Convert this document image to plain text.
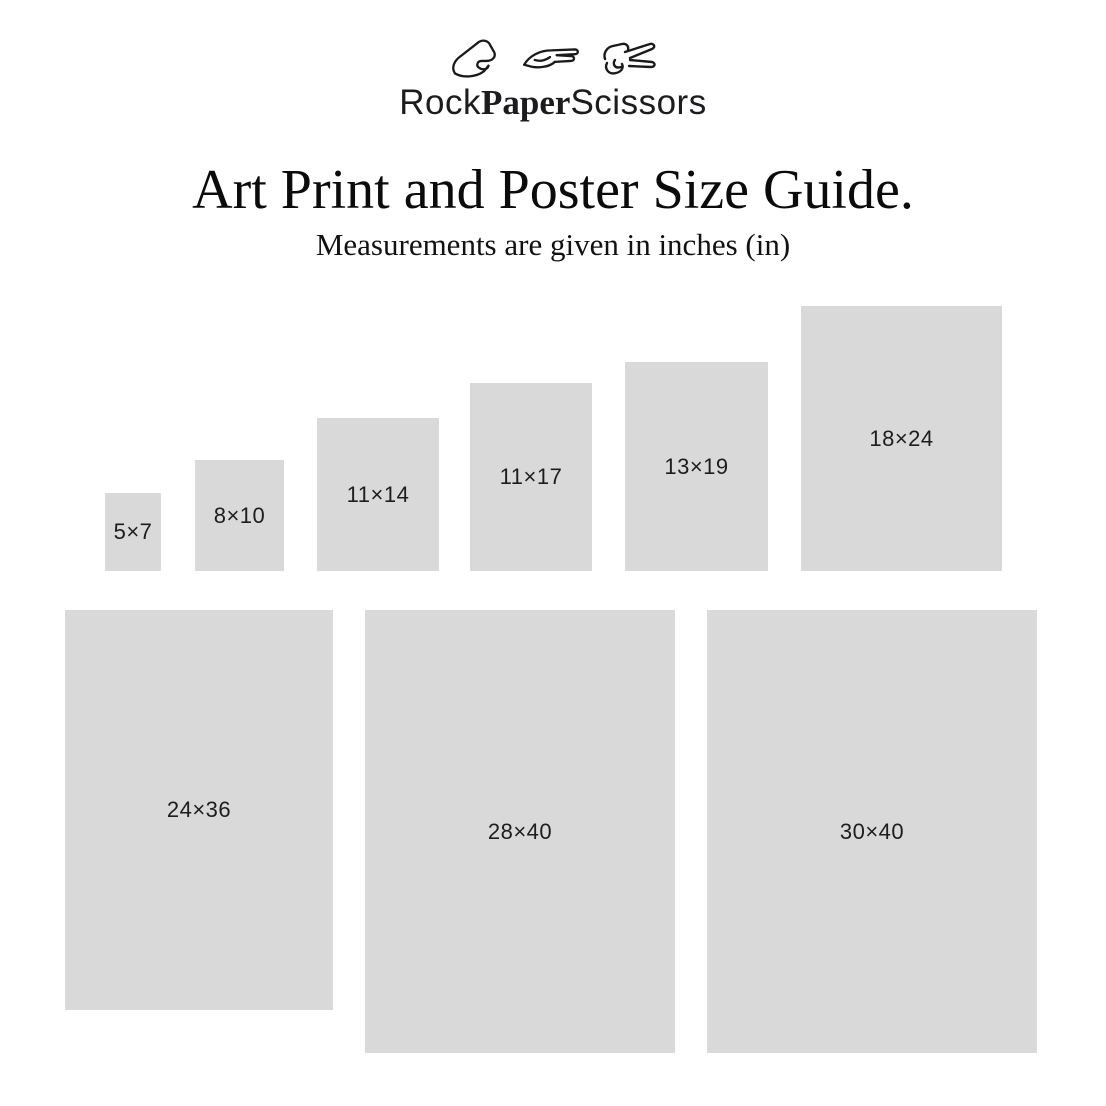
RockPaperScissors
Art Print and Poster Size Guide.
Measurements are given in inches (in)
5×7
8×10
11×14
11×17	13×19
18×24
24×36
28×40	30×40
